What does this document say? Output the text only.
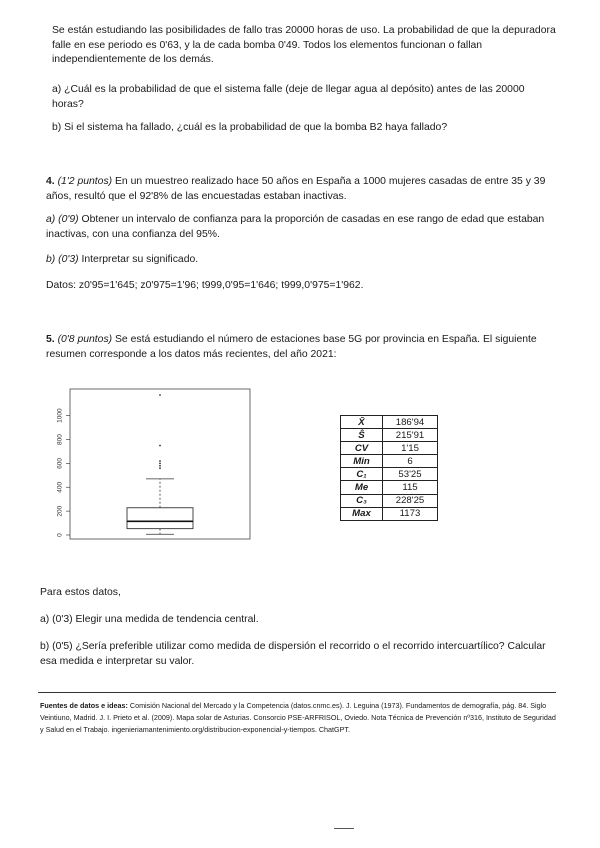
Se están estudiando las posibilidades de fallo tras 20000 horas de uso. La probabilidad de que la depuradora falle en ese periodo es 0'63, y la de cada bomba 0'49. Todos los elementos funcionan o fallan independientemente de los demás.
a) ¿Cuál es la probabilidad de que el sistema falle (deje de llegar agua al depósito) antes de las 20000 horas?
b) Si el sistema ha fallado, ¿cuál es la probabilidad de que la bomba B2 haya fallado?
4. (1'2 puntos) En un muestreo realizado hace 50 años en España a 1000 mujeres casadas de entre 35 y 39 años, resultó que el 92'8% de las encuestadas estaban inactivas.
a) (0'9) Obtener un intervalo de confianza para la proporción de casadas en ese rango de edad que estaban inactivas, con una confianza del 95%.
b) (0'3) Interpretar su significado.
Datos: z0'95=1'645; z0'975=1'96; t999,0'95=1'646; t999,0'975=1'962.
5. (0'8 puntos) Se está estudiando el número de estaciones base 5G por provincia en España. El siguiente resumen corresponde a los datos más recientes, del año 2021:
0
200
400
600
800
1000	X̄	186'94
Ŝ	215'91
CV	1'15
Min	6
C₁	53'25
Me	115
C₃	228'25
Max	1173
Para estos datos,
a) (0'3) Elegir una medida de tendencia central.
b) (0'5) ¿Sería preferible utilizar como medida de dispersión el recorrido o el recorrido intercuartílico? Calcular esa medida e interpretar su valor.
Fuentes de datos e ideas: Comisión Nacional del Mercado y la Competencia (datos.cnmc.es). J. Leguina (1973). Fundamentos de demografía, pág. 84. Siglo Veintiuno, Madrid. J. I. Prieto et al. (2009). Mapa solar de Asturias. Consorcio PSE-ARFRISOL, Oviedo. Nota Técnica de Prevención nº316, Instituto de Seguridad y Salud en el Trabajo. ingenieriamantenimiento.org/distribucion-exponencial-y-tiempos. ChatGPT.
